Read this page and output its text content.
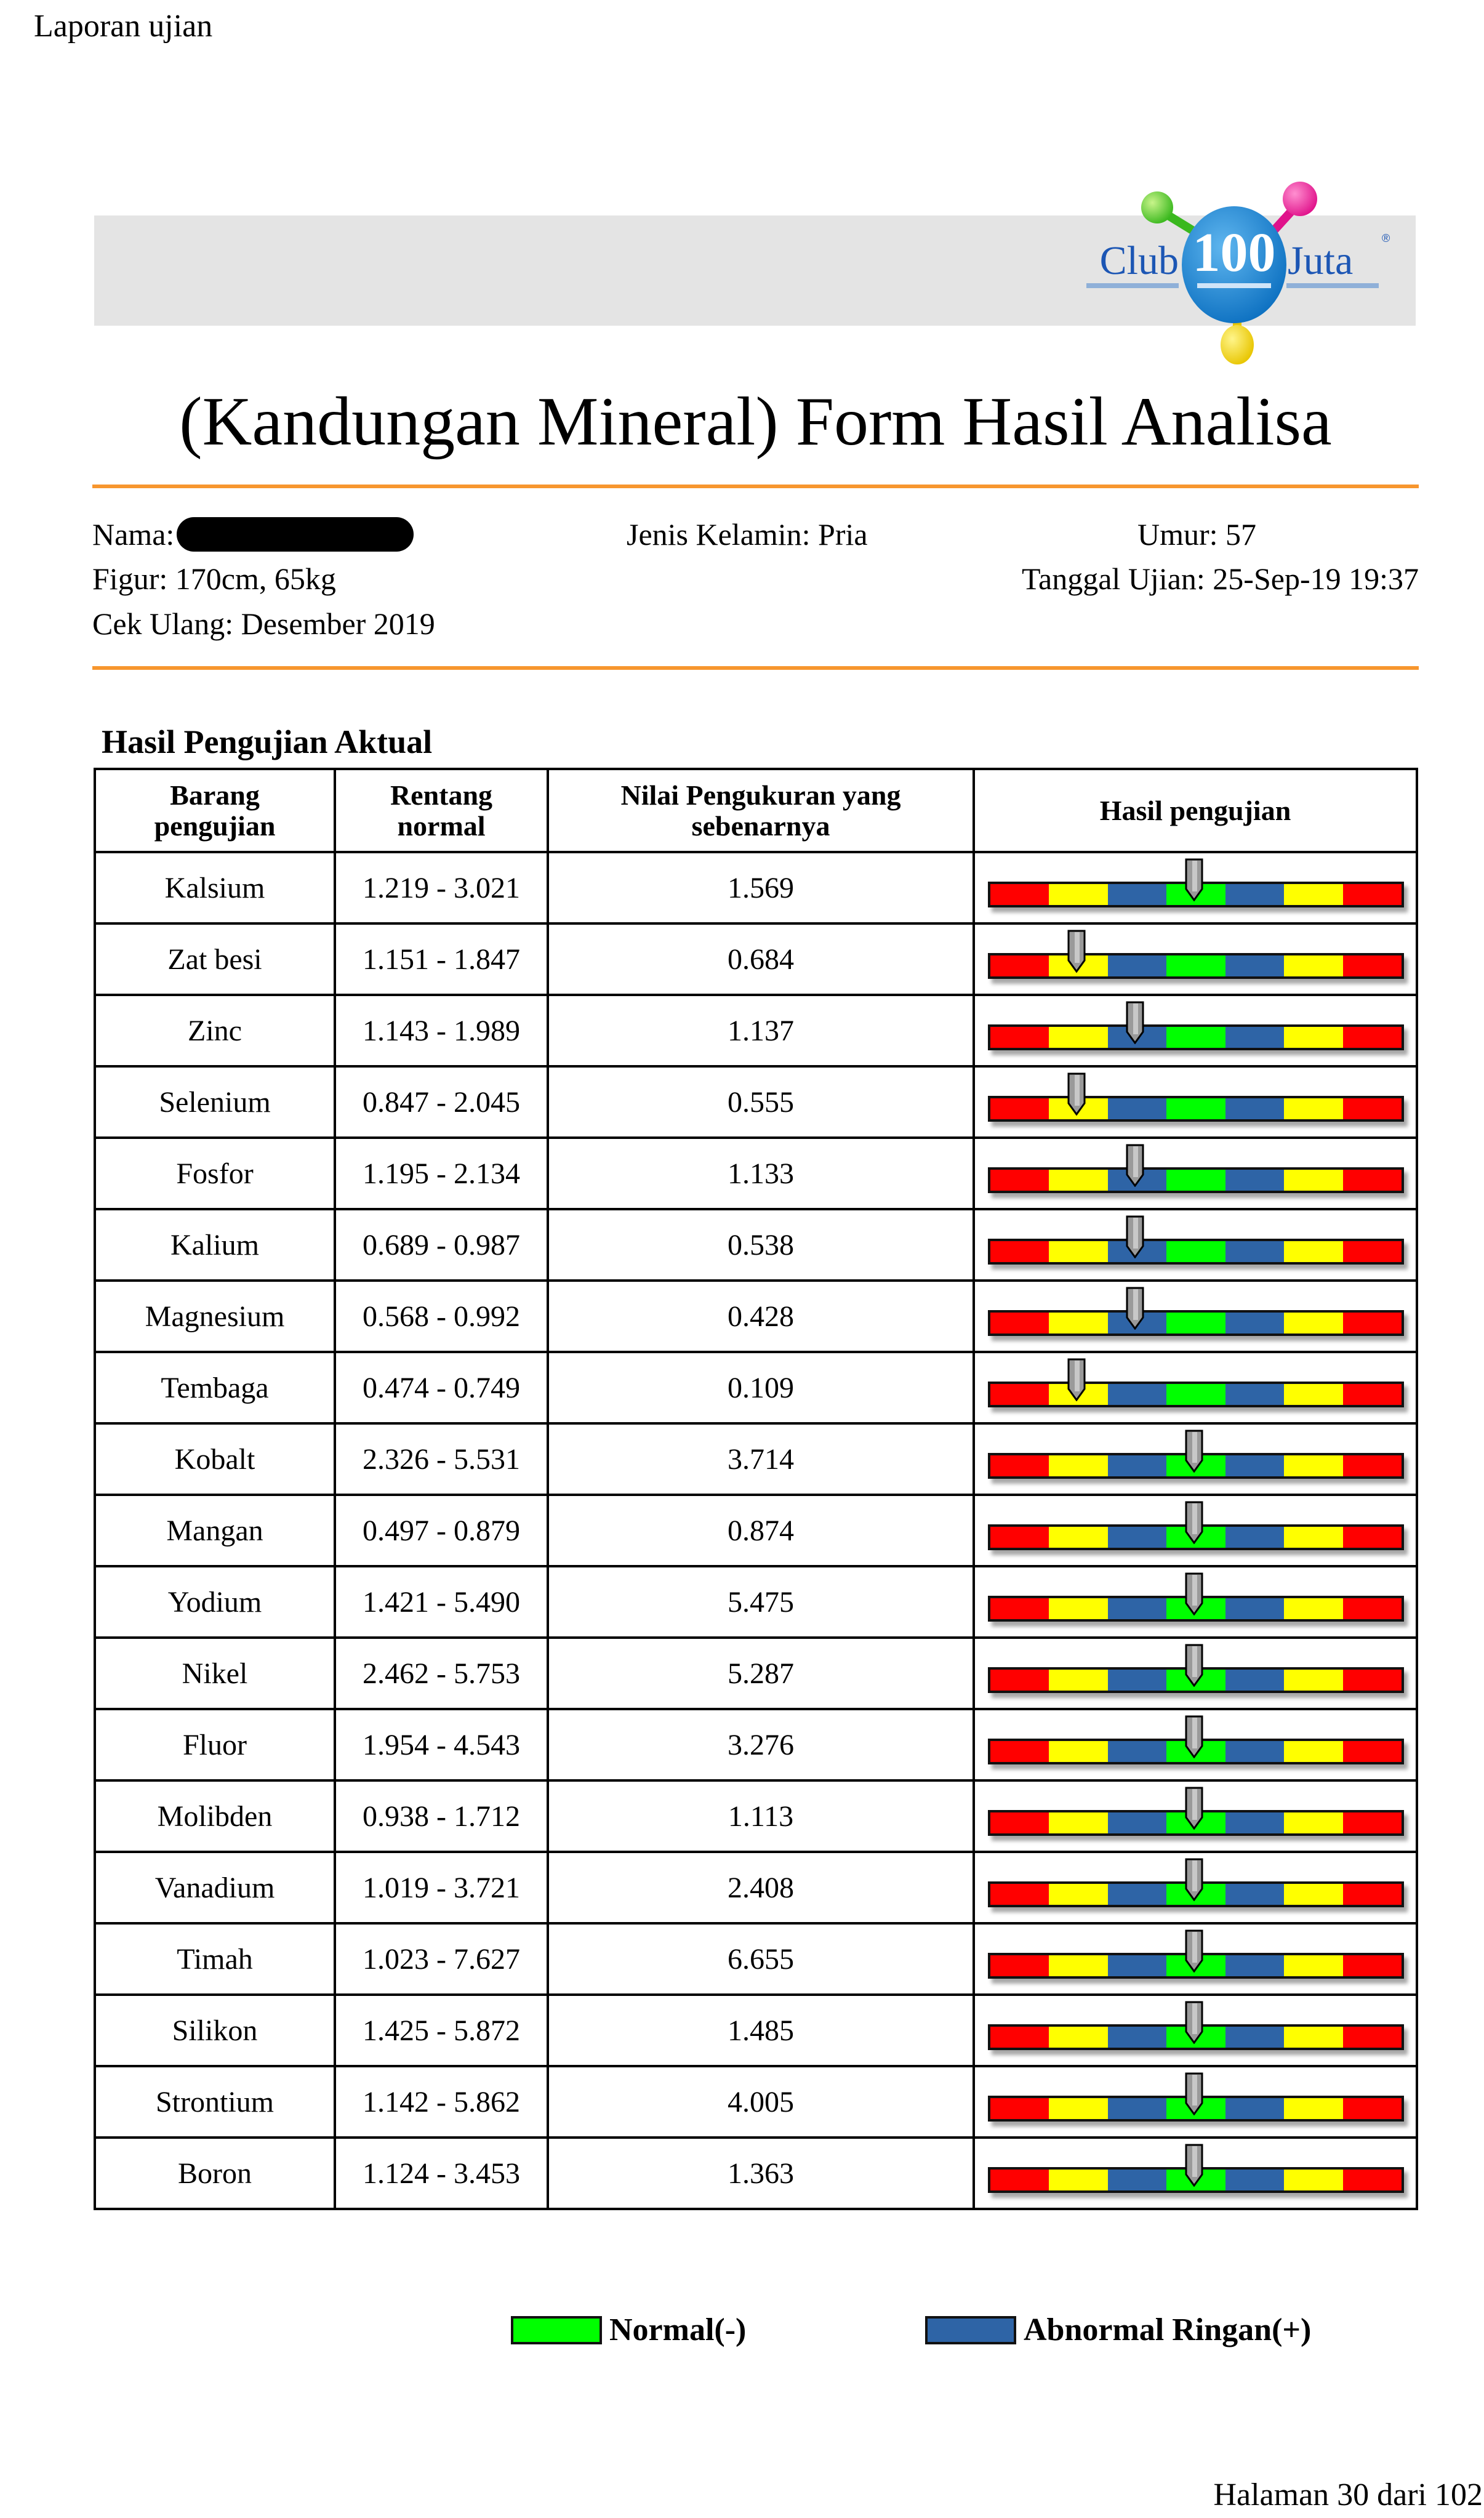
Laporan ujian
100
Club	Juta	®
(Kandungan Mineral) Form Hasil Analisa
Nama:	Jenis Kelamin: Pria	Umur: 57
Figur: 170cm, 65kg	Tanggal Ujian: 25-Sep-19 19:37
Cek Ulang: Desember 2019
Hasil Pengujian Aktual
Barang pengujian	Rentang normal	Nilai Pengukuran yang sebenarnya	Hasil pengujian
Kalsium	1.219 - 3.021	1.569	

Zat besi	1.151 - 1.847	0.684	

Zinc	1.143 - 1.989	1.137	

Selenium	0.847 - 2.045	0.555	

Fosfor	1.195 - 2.134	1.133	

Kalium	0.689 - 0.987	0.538	

Magnesium	0.568 - 0.992	0.428	

Tembaga	0.474 - 0.749	0.109	

Kobalt	2.326 - 5.531	3.714	

Mangan	0.497 - 0.879	0.874	

Yodium	1.421 - 5.490	5.475	

Nikel	2.462 - 5.753	5.287	

Fluor	1.954 - 4.543	3.276	

Molibden	0.938 - 1.712	1.113	

Vanadium	1.019 - 3.721	2.408	

Timah	1.023 - 7.627	6.655	

Silikon	1.425 - 5.872	1.485	

Strontium	1.142 - 5.862	4.005	

Boron	1.124 - 3.453	1.363	
Normal(-)	Abnormal Ringan(+)
Halaman 30 dari 102
